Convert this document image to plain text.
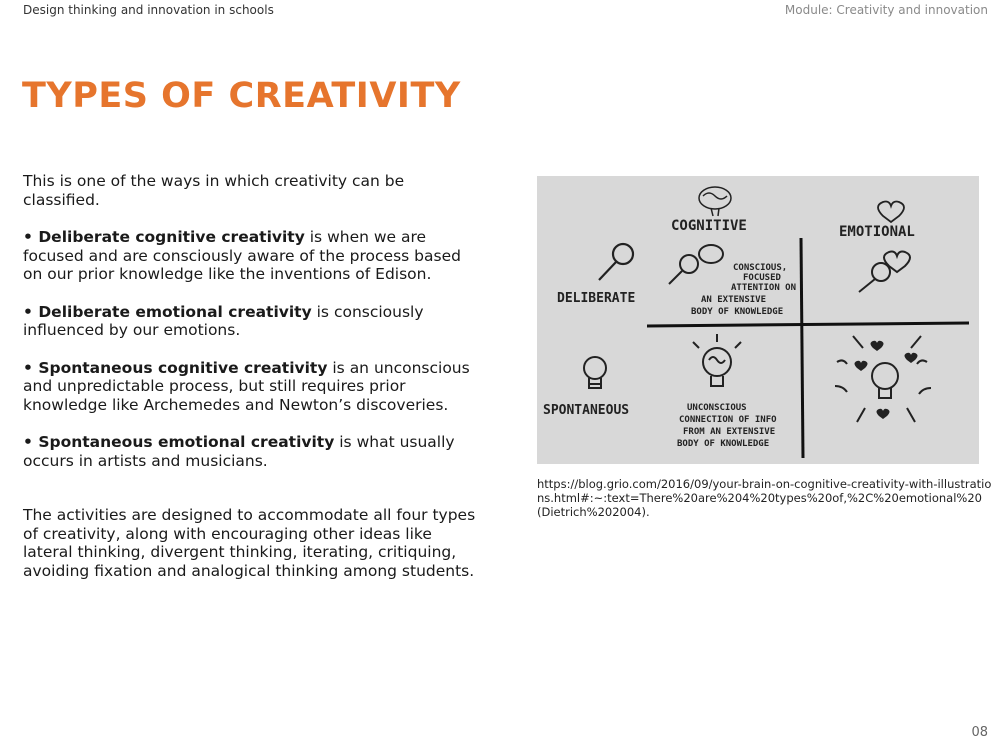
Design thinking and innovation in schools	Module: Creativity and innovation
TYPES OF CREATIVITY

This is one of the ways in which creativity can be classified.

• Deliberate cognitive creativity is when we are focused and are consciously aware of the process based on our prior knowledge like the inventions of Edison.

• Deliberate emotional creativity is consciously influenced by our emotions.

• Spontaneous cognitive creativity is an unconscious and unpredictable process, but still requires prior knowledge like Archemedes and Newton’s discoveries.

• Spontaneous emotional creativity is what usually occurs in artists and musicians.

The activities are designed to accommodate all four types of creativity, along with encouraging other ideas like lateral thinking, divergent thinking, iterating, critiquing, avoiding fixation and analogical thinking among students.

COGNITIVE	EMOTIONAL
DELIBERATE
SPONTANEOUS
CONSCIOUS,
FOCUSED
ATTENTION ON
AN EXTENSIVE
BODY OF KNOWLEDGE
UNCONSCIOUS
CONNECTION OF INFO
FROM AN EXTENSIVE
BODY OF KNOWLEDGE
https://blog.grio.com/2016/09/your-brain-on-cognitive-creativity-with-illustrations.html#:~:text=There%20are%204%20types%20of,%2C%20emotional%20(Dietrich%202004).
08
